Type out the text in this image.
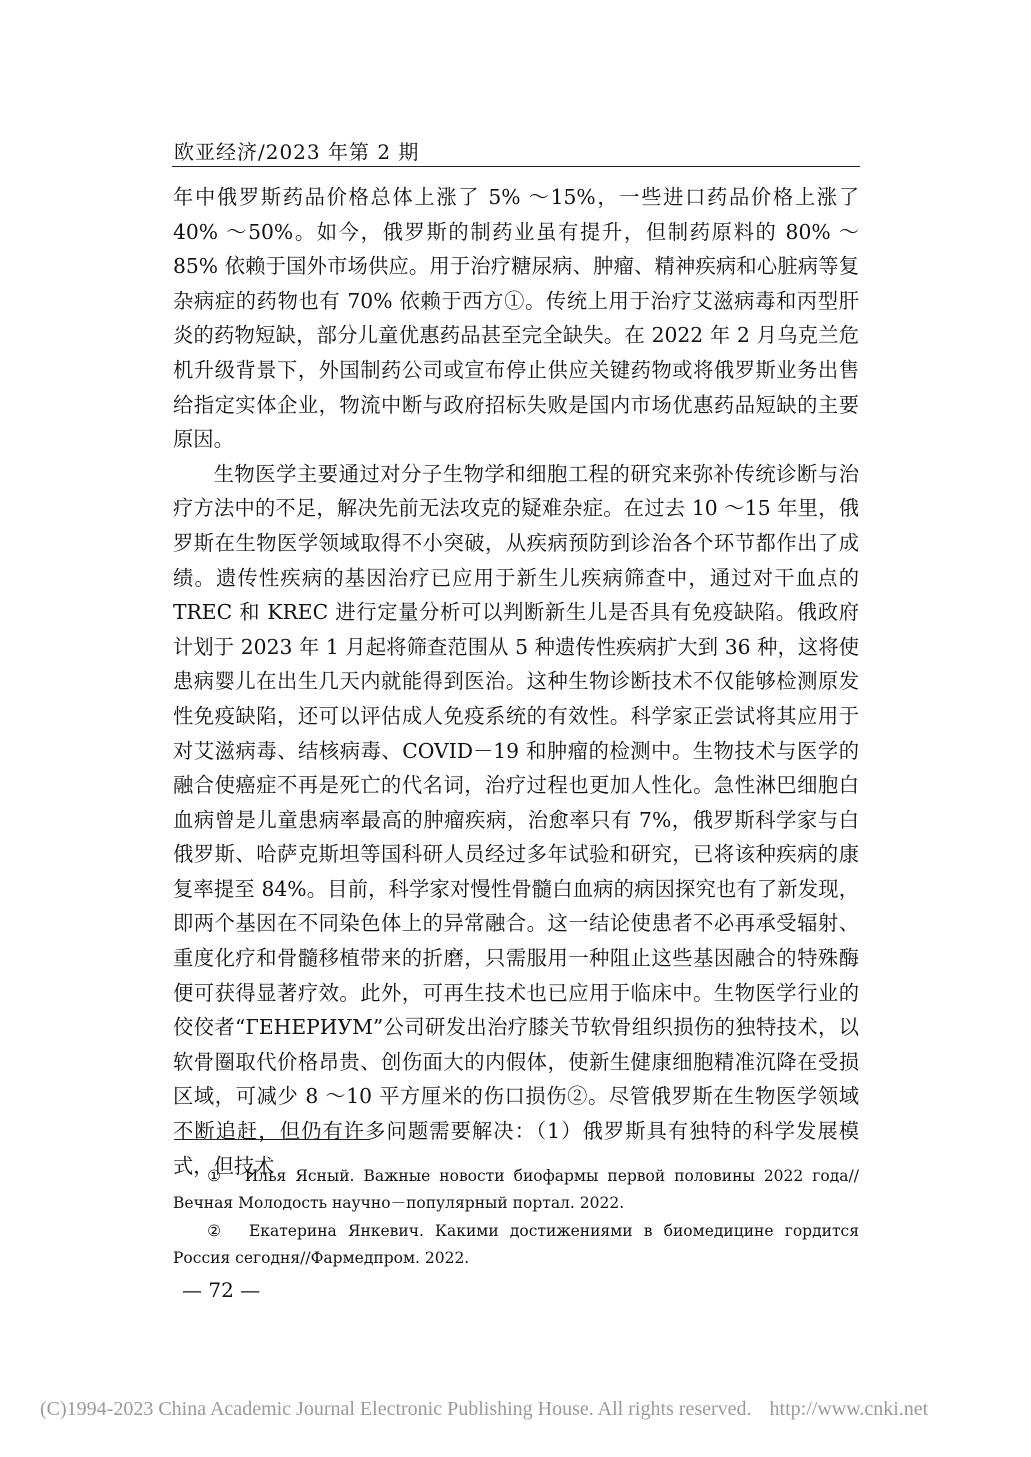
欧亚经济/2023 年第 2 期

年中俄罗斯药品价格总体上涨了 5% ～15%，一些进口药品价格上涨了 40% ～50%。如今，俄罗斯的制药业虽有提升，但制药原料的 80% ～85% 依赖于国外市场供应。用于治疗糖尿病、肿瘤、精神疾病和心脏病等复杂病症的药物也有 70% 依赖于西方①。传统上用于治疗艾滋病毒和丙型肝炎的药物短缺，部分儿童优惠药品甚至完全缺失。在 2022 年 2 月乌克兰危机升级背景下，外国制药公司或宣布停止供应关键药物或将俄罗斯业务出售给指定实体企业，物流中断与政府招标失败是国内市场优惠药品短缺的主要原因。

生物医学主要通过对分子生物学和细胞工程的研究来弥补传统诊断与治疗方法中的不足，解决先前无法攻克的疑难杂症。在过去 10 ～15 年里，俄罗斯在生物医学领域取得不小突破，从疾病预防到诊治各个环节都作出了成绩。遗传性疾病的基因治疗已应用于新生儿疾病筛查中，通过对干血点的 TREC 和 KREC 进行定量分析可以判断新生儿是否具有免疫缺陷。俄政府计划于 2023 年 1 月起将筛查范围从 5 种遗传性疾病扩大到 36 种，这将使患病婴儿在出生几天内就能得到医治。这种生物诊断技术不仅能够检测原发性免疫缺陷，还可以评估成人免疫系统的有效性。科学家正尝试将其应用于对艾滋病毒、结核病毒、COVID－19 和肿瘤的检测中。生物技术与医学的融合使癌症不再是死亡的代名词，治疗过程也更加人性化。急性淋巴细胞白血病曾是儿童患病率最高的肿瘤疾病，治愈率只有 7%，俄罗斯科学家与白俄罗斯、哈萨克斯坦等国科研人员经过多年试验和研究，已将该种疾病的康复率提至 84%。目前，科学家对慢性骨髓白血病的病因探究也有了新发现，即两个基因在不同染色体上的异常融合。这一结论使患者不必再承受辐射、重度化疗和骨髓移植带来的折磨，只需服用一种阻止这些基因融合的特殊酶便可获得显著疗效。此外，可再生技术也已应用于临床中。生物医学行业的佼佼者“ГЕНЕРИУМ”公司研发出治疗膝关节软骨组织损伤的独特技术，以软骨圈取代价格昂贵、创伤面大的内假体，使新生健康细胞精准沉降在受损区域，可减少 8 ～10 平方厘米的伤口损伤②。尽管俄罗斯在生物医学领域不断追赶，但仍有许多问题需要解决：（1）俄罗斯具有独特的科学发展模式，但技术

①　Илья Ясный. Важные новости биофармы первой половины 2022 года//Вечная Молодость научно－популярный портал. 2022.

②　Екатерина Янкевич. Какими достижениями в биомедицине гордится Россия сегодня//Фармедпром. 2022.

— 72 —
(C)1994-2023 China Academic Journal Electronic Publishing House. All rights reserved. http://www.cnki.net
